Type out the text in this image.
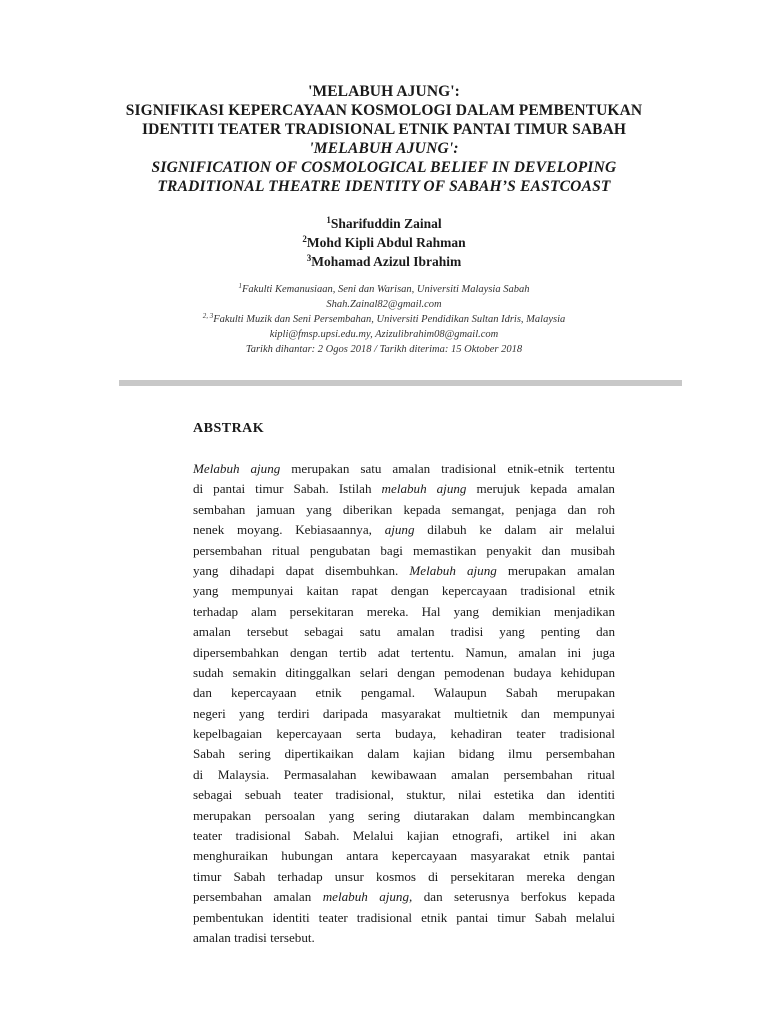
'MELABUH AJUNG':

SIGNIFIKASI KEPERCAYAAN KOSMOLOGI DALAM PEMBENTUKAN

IDENTITI TEATER TRADISIONAL ETNIK PANTAI TIMUR SABAH

'MELABUH AJUNG':

SIGNIFICATION OF COSMOLOGICAL BELIEF IN DEVELOPING

TRADITIONAL THEATRE IDENTITY OF SABAH’S EASTCOAST

$^1$Sharifuddin Zainal

$^2$Mohd Kipli Abdul Rahman

$^3$Mohamad Azizul Ibrahim

$^1$Fakulti Kemanusiaan, Seni dan Warisan, Universiti Malaysia Sabah

Shah.Zainal82@gmail.com

$^{2, 3}$Fakulti Muzik dan Seni Persembahan, Universiti Pendidikan Sultan Idris, Malaysia

kipli@fmsp.upsi.edu.my, Azizulibrahim08@gmail.com

Tarikh dihantar: 2 Ogos 2018 / Tarikh diterima: 15 Oktober 2018

ABSTRAK
Melabuh ajung merupakan satu amalan tradisional etnik-etnik tertentu
di pantai timur Sabah. Istilah melabuh ajung merujuk kepada amalan
sembahan jamuan yang diberikan kepada semangat, penjaga dan roh
nenek moyang. Kebiasaannya, ajung dilabuh ke dalam air melalui
persembahan ritual pengubatan bagi memastikan penyakit dan musibah
yang dihadapi dapat disembuhkan. Melabuh ajung merupakan amalan
yang mempunyai kaitan rapat dengan kepercayaan tradisional etnik
terhadap alam persekitaran mereka. Hal yang demikian menjadikan
amalan tersebut sebagai satu amalan tradisi yang penting dan
dipersembahkan dengan tertib adat tertentu. Namun, amalan ini juga
sudah semakin ditinggalkan selari dengan pemodenan budaya kehidupan
dan kepercayaan etnik pengamal. Walaupun Sabah merupakan
negeri yang terdiri daripada masyarakat multietnik dan mempunyai
kepelbagaian kepercayaan serta budaya, kehadiran teater tradisional
Sabah sering dipertikaikan dalam kajian bidang ilmu persembahan
di Malaysia. Permasalahan kewibawaan amalan persembahan ritual
sebagai sebuah teater tradisional, stuktur, nilai estetika dan identiti
merupakan persoalan yang sering diutarakan dalam membincangkan
teater tradisional Sabah. Melalui kajian etnografi, artikel ini akan
menghuraikan hubungan antara kepercayaan masyarakat etnik pantai
timur Sabah terhadap unsur kosmos di persekitaran mereka dengan
persembahan amalan melabuh ajung, dan seterusnya berfokus kepada
pembentukan identiti teater tradisional etnik pantai timur Sabah melalui
amalan tradisi tersebut.
